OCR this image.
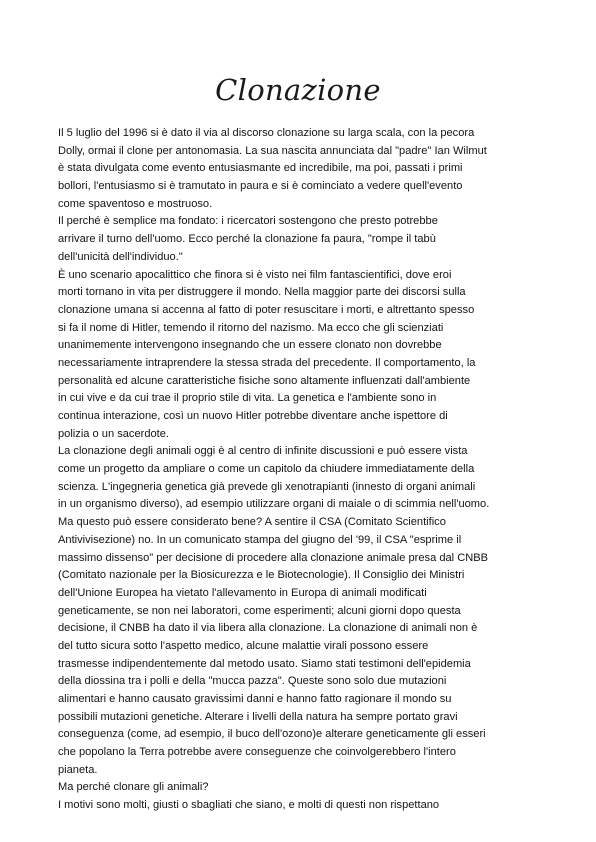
Clonazione
Il 5 luglio del 1996 si è dato il via al discorso clonazione su larga scala, con la pecora
Dolly, ormai il clone per antonomasia. La sua nascita annunciata dal "padre" Ian Wilmut
è stata divulgata come evento entusiasmante ed incredibile, ma poi, passati i primi
bollori, l'entusiasmo si è tramutato in paura e si è cominciato a vedere quell'evento
come spaventoso e mostruoso.
Il perché è semplice ma fondato: i ricercatori sostengono che presto potrebbe
arrivare il turno dell'uomo. Ecco perché la clonazione fa paura, "rompe il tabù
dell'unicità dell'individuo."
È uno scenario apocalittico che finora si è visto nei film fantascientifici, dove eroi
morti tornano in vita per distruggere il mondo. Nella maggior parte dei discorsi sulla
clonazione umana si accenna al fatto di poter resuscitare i morti, e altrettanto spesso
si fa il nome di Hitler, temendo il ritorno del nazismo. Ma ecco che gli scienziati
unanimemente intervengono insegnando che un essere clonato non dovrebbe
necessariamente intraprendere la stessa strada del precedente. Il comportamento, la
personalità ed alcune caratteristiche fisiche sono altamente influenzati dall'ambiente
in cui vive e da cui trae il proprio stile di vita. La genetica e l'ambiente sono in
continua interazione, così un nuovo Hitler potrebbe diventare anche ispettore di
polizia o un sacerdote.
La clonazione degli animali oggi è al centro di infinite discussioni e può essere vista
come un progetto da ampliare o come un capitolo da chiudere immediatamente della
scienza. L'ingegneria genetica già prevede gli xenotrapianti (innesto di organi animali
in un organismo diverso), ad esempio utilizzare organi di maiale o di scimmia nell'uomo.
Ma questo può essere considerato bene? A sentire il CSA (Comitato Scientifico
Antivivisezione) no. In un comunicato stampa del giugno del '99, il CSA "esprime il
massimo dissenso" per decisione di procedere alla clonazione animale presa dal CNBB
(Comitato nazionale per la Biosicurezza e le Biotecnologie). Il Consiglio dei Ministri
dell'Unione Europea ha vietato l'allevamento in Europa di animali modificati
geneticamente, se non nei laboratori, come esperimenti; alcuni giorni dopo questa
decisione, il CNBB ha dato il via libera alla clonazione. La clonazione di animali non è
del tutto sicura sotto l'aspetto medico, alcune malattie virali possono essere
trasmesse indipendentemente dal metodo usato. Siamo stati testimoni dell'epidemia
della diossina tra i polli e della "mucca pazza". Queste sono solo due mutazioni
alimentari e hanno causato gravissimi danni e hanno fatto ragionare il mondo su
possibili mutazioni genetiche. Alterare i livelli della natura ha sempre portato gravi
conseguenza (come, ad esempio, il buco dell'ozono)e alterare geneticamente gli esseri
che popolano la Terra potrebbe avere conseguenze che coinvolgerebbero l'intero
pianeta.
Ma perché clonare gli animali?
I motivi sono molti, giusti o sbagliati che siano, e molti di questi non rispettano
